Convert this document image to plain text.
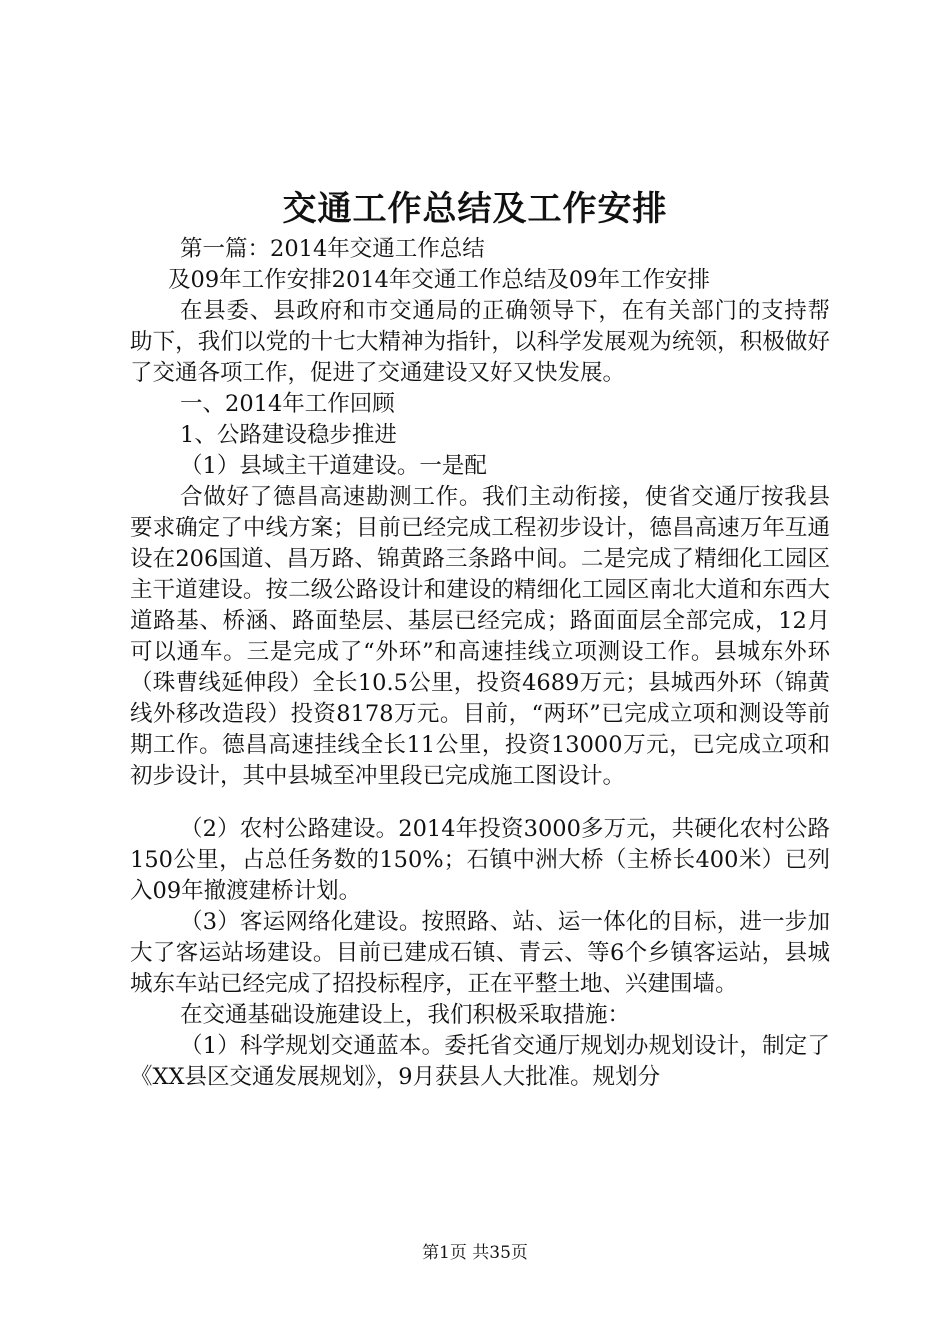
交通工作总结及工作安排

第一篇：2014年交通工作总结

及09年工作安排2014年交通工作总结及09年工作安排

在县委、县政府和市交通局的正确领导下，在有关部门的支持帮助下，我们以党的十七大精神为指针，以科学发展观为统领，积极做好了交通各项工作，促进了交通建设又好又快发展。

一、2014年工作回顾

1、公路建设稳步推进

（1）县域主干道建设。一是配

合做好了德昌高速勘测工作。我们主动衔接，使省交通厅按我县要求确定了中线方案；目前已经完成工程初步设计，德昌高速万年互通设在206国道、昌万路、锦黄路三条路中间。二是完成了精细化工园区主干道建设。按二级公路设计和建设的精细化工园区南北大道和东西大道路基、桥涵、路面垫层、基层已经完成；路面面层全部完成，12月可以通车。三是完成了“外环”和高速挂线立项测设工作。县城东外环（珠曹线延伸段）全长10.5公里，投资4689万元；县城西外环（锦黄线外移改造段）投资8178万元。目前，“两环”已完成立项和测设等前期工作。德昌高速挂线全长11公里，投资13000万元，已完成立项和初步设计，其中县城至冲里段已完成施工图设计。

（2）农村公路建设。2014年投资3000多万元，共硬化农村公路150公里，占总任务数的150%；石镇中洲大桥（主桥长400米）已列入09年撤渡建桥计划。

（3）客运网络化建设。按照路、站、运一体化的目标，进一步加大了客运站场建设。目前已建成石镇、青云、等6个乡镇客运站，县城城东车站已经完成了招投标程序，正在平整土地、兴建围墙。

在交通基础设施建设上，我们积极采取措施：

（1）科学规划交通蓝本。委托省交通厅规划办规划设计，制定了《XX县区交通发展规划》，9月获县人大批准。规划分

第1页 共35页
